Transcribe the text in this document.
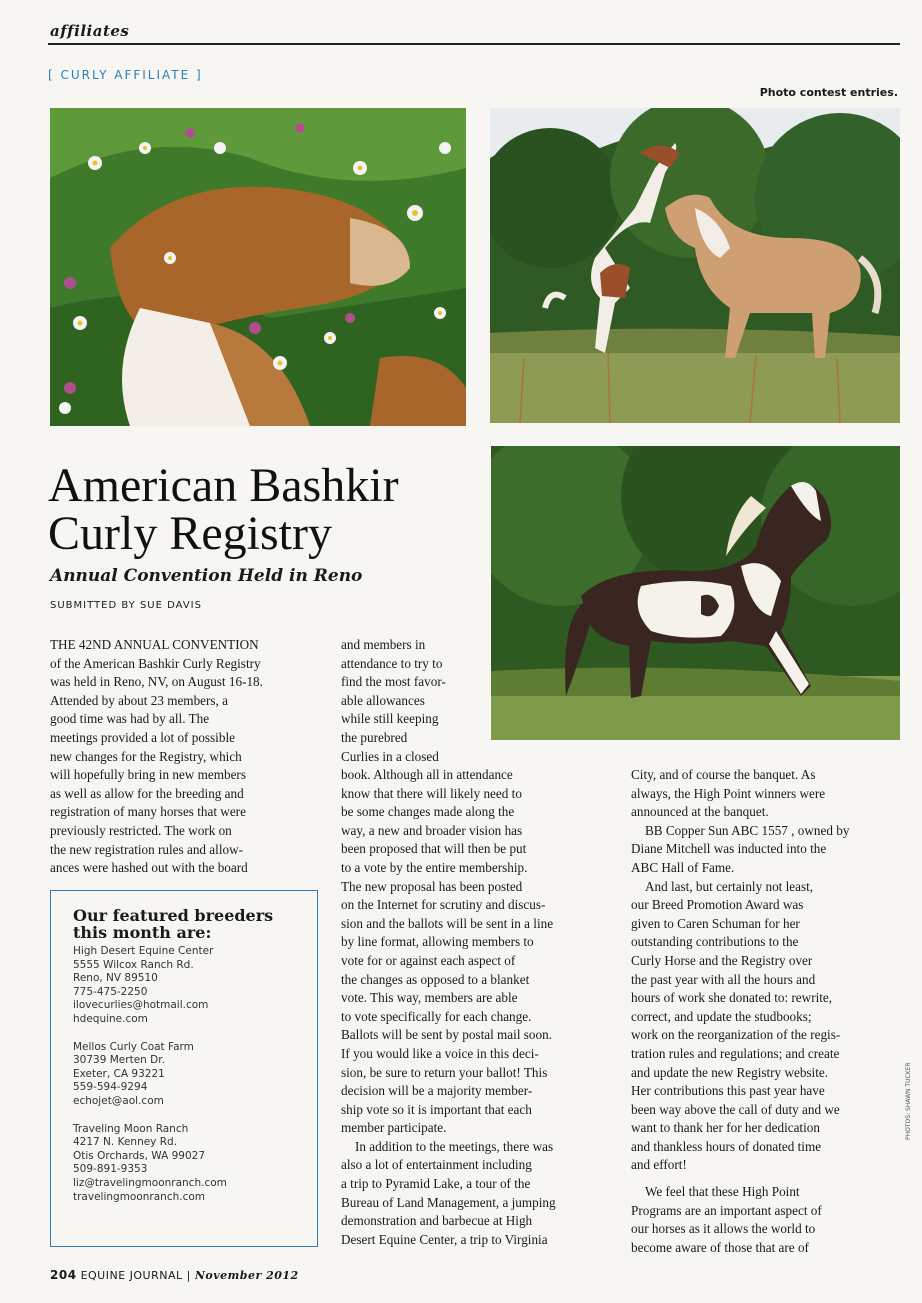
affiliates
[ CURLY AFFILIATE ]
Photo contest entries.
American Bashkir
Curly Registry
Annual Convention Held in Reno
SUBMITTED BY SUE DAVIS

THE 42ND ANNUAL CONVENTION

of the American Bashkir Curly Registry

was held in Reno, NV, on August 16-18.

Attended by about 23 members, a

good time was had by all. The

meetings provided a lot of possible

new changes for the Registry, which

will hopefully bring in new members

as well as allow for the breeding and

registration of many horses that were

previously restricted. The work on

the new registration rules and allow-

ances were hashed out with the board

and members in

attendance to try to

find the most favor-

able allowances

while still keeping

the purebred

Curlies in a closed

book. Although all in attendance

know that there will likely need to

be some changes made along the

way, a new and broader vision has

been proposed that will then be put

to a vote by the entire membership.

The new proposal has been posted

on the Internet for scrutiny and discus-

sion and the ballots will be sent in a line

by line format, allowing members to

vote for or against each aspect of

the changes as opposed to a blanket

vote. This way, members are able

to vote specifically for each change.

Ballots will be sent by postal mail soon.

If you would like a voice in this deci-

sion, be sure to return your ballot! This

decision will be a majority member-

ship vote so it is important that each

member participate.

In addition to the meetings, there was

also a lot of entertainment including

a trip to Pyramid Lake, a tour of the

Bureau of Land Management, a jumping

demonstration and barbecue at High

Desert Equine Center, a trip to Virginia

City, and of course the banquet. As

always, the High Point winners were

announced at the banquet.

BB Copper Sun ABC 1557 , owned by

Diane Mitchell was inducted into the

ABC Hall of Fame.

And last, but certainly not least,

our Breed Promotion Award was

given to Caren Schuman for her

outstanding contributions to the

Curly Horse and the Registry over

the past year with all the hours and

hours of work she donated to: rewrite,

correct, and update the studbooks;

work on the reorganization of the regis-

tration rules and regulations; and create

and update the new Registry website.

Her contributions this past year have

been way above the call of duty and we

want to thank her for her dedication

and thankless hours of donated time

and effort!

We feel that these High Point

Programs are an important aspect of

our horses as it allows the world to

become aware of those that are of

Our featured breeders
this month are:
High Desert Equine Center
5555 Wilcox Ranch Rd.
Reno, NV 89510
775-475-2250
ilovecurlies@hotmail.com
hdequine.com
Mellos Curly Coat Farm
30739 Merten Dr.
Exeter, CA 93221
559-594-9294
echojet@aol.com
Traveling Moon Ranch
4217 N. Kenney Rd.
Otis Orchards, WA 99027
509-891-9353
liz@travelingmoonranch.com
travelingmoonranch.com
204 EQUINE JOURNAL | November 2012
PHOTOS: SHAWN TUCKER
